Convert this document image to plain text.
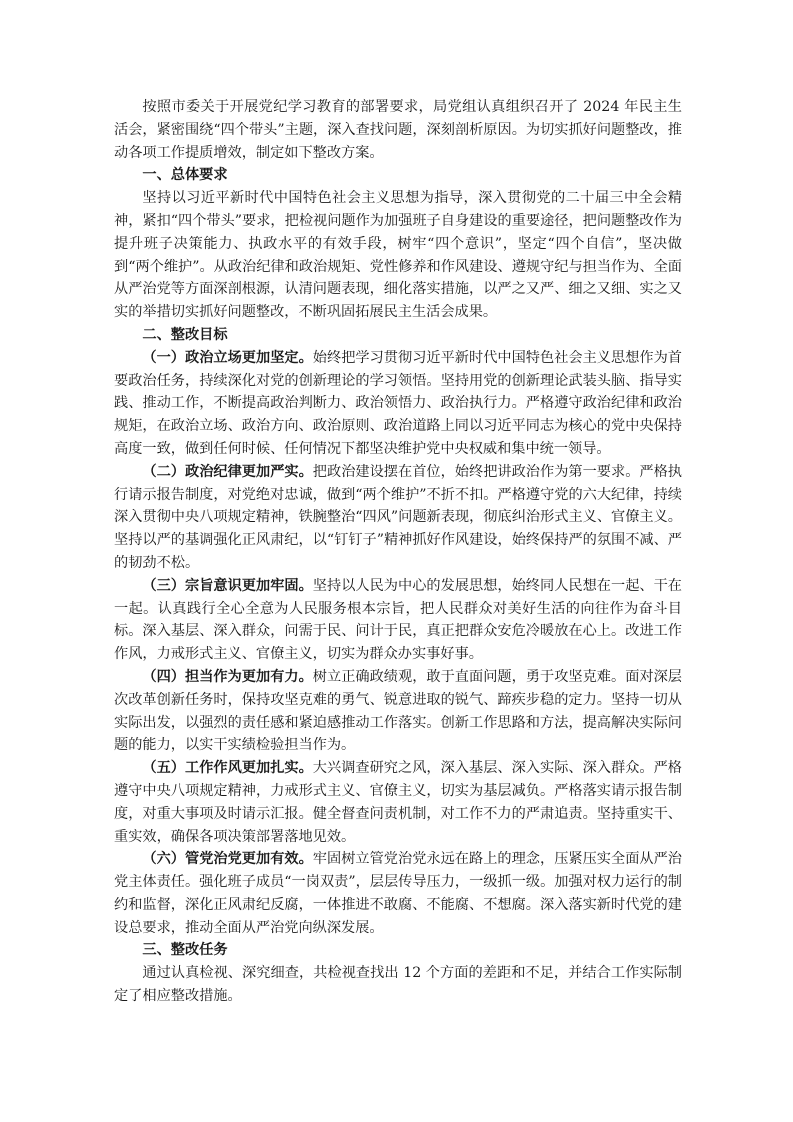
按照市委关于开展党纪学习教育的部署要求，局党组认真组织召开了 2024 年民主生活会，紧密围绕“四个带头”主题，深入查找问题，深刻剖析原因。为切实抓好问题整改，推动各项工作提质增效，制定如下整改方案。

一、总体要求

坚持以习近平新时代中国特色社会主义思想为指导，深入贯彻党的二十届三中全会精神，紧扣“四个带头”要求，把检视问题作为加强班子自身建设的重要途径，把问题整改作为提升班子决策能力、执政水平的有效手段，树牢“四个意识”，坚定“四个自信”，坚决做到“两个维护”。从政治纪律和政治规矩、党性修养和作风建设、遵规守纪与担当作为、全面从严治党等方面深剖根源，认清问题表现，细化落实措施，以严之又严、细之又细、实之又实的举措切实抓好问题整改，不断巩固拓展民主生活会成果。

二、整改目标

（一）政治立场更加坚定。始终把学习贯彻习近平新时代中国特色社会主义思想作为首要政治任务，持续深化对党的创新理论的学习领悟。坚持用党的创新理论武装头脑、指导实践、推动工作，不断提高政治判断力、政治领悟力、政治执行力。严格遵守政治纪律和政治规矩，在政治立场、政治方向、政治原则、政治道路上同以习近平同志为核心的党中央保持高度一致，做到任何时候、任何情况下都坚决维护党中央权威和集中统一领导。

（二）政治纪律更加严实。把政治建设摆在首位，始终把讲政治作为第一要求。严格执行请示报告制度，对党绝对忠诚，做到“两个维护”不折不扣。严格遵守党的六大纪律，持续深入贯彻中央八项规定精神，铁腕整治“四风”问题新表现，彻底纠治形式主义、官僚主义。坚持以严的基调强化正风肃纪，以“钉钉子”精神抓好作风建设，始终保持严的氛围不减、严的韧劲不松。

（三）宗旨意识更加牢固。坚持以人民为中心的发展思想，始终同人民想在一起、干在一起。认真践行全心全意为人民服务根本宗旨，把人民群众对美好生活的向往作为奋斗目标。深入基层、深入群众，问需于民、问计于民，真正把群众安危冷暖放在心上。改进工作作风，力戒形式主义、官僚主义，切实为群众办实事好事。

（四）担当作为更加有力。树立正确政绩观，敢于直面问题，勇于攻坚克难。面对深层次改革创新任务时，保持攻坚克难的勇气、锐意进取的锐气、蹄疾步稳的定力。坚持一切从实际出发，以强烈的责任感和紧迫感推动工作落实。创新工作思路和方法，提高解决实际问题的能力，以实干实绩检验担当作为。

（五）工作作风更加扎实。大兴调查研究之风，深入基层、深入实际、深入群众。严格遵守中央八项规定精神，力戒形式主义、官僚主义，切实为基层减负。严格落实请示报告制度，对重大事项及时请示汇报。健全督查问责机制，对工作不力的严肃追责。坚持重实干、重实效，确保各项决策部署落地见效。

（六）管党治党更加有效。牢固树立管党治党永远在路上的理念，压紧压实全面从严治党主体责任。强化班子成员“一岗双责”，层层传导压力，一级抓一级。加强对权力运行的制约和监督，深化正风肃纪反腐，一体推进不敢腐、不能腐、不想腐。深入落实新时代党的建设总要求，推动全面从严治党向纵深发展。

三、整改任务

通过认真检视、深究细查，共检视查找出 12 个方面的差距和不足，并结合工作实际制定了相应整改措施。
